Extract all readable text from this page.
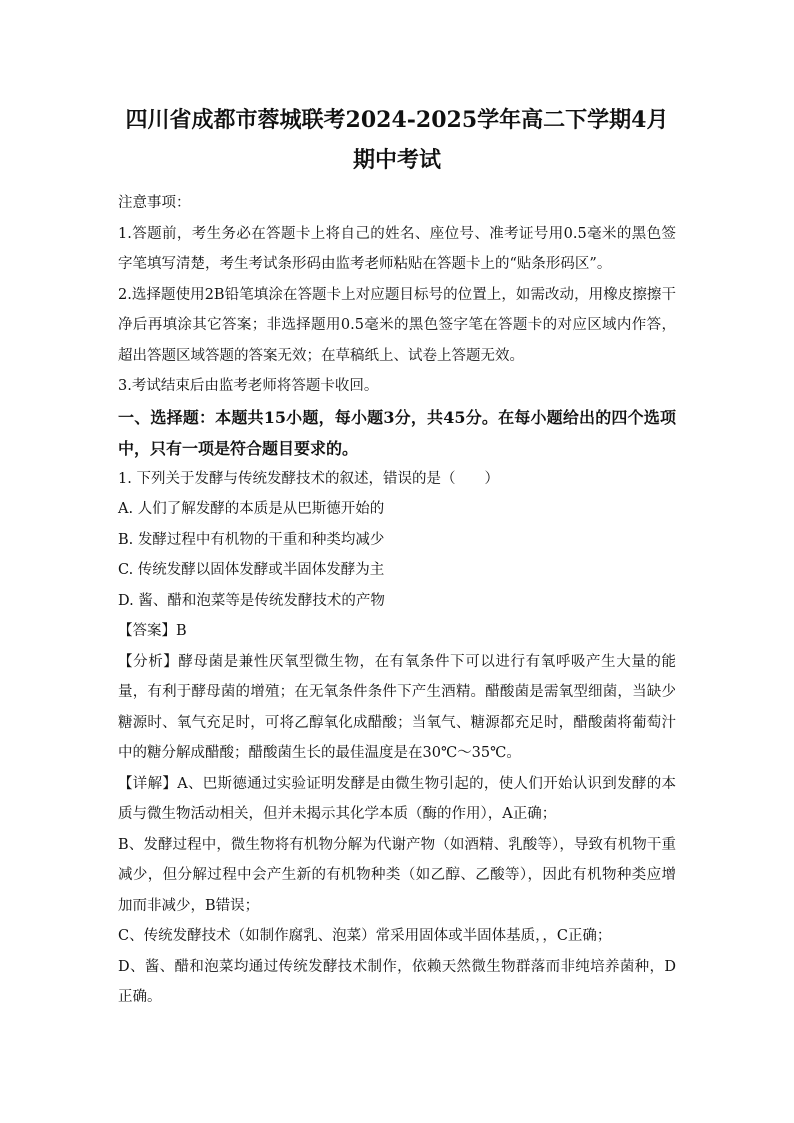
四川省成都市蓉城联考2024-2025学年高二下学期4月期中考试

注意事项：

1.答题前，考生务必在答题卡上将自己的姓名、座位号、准考证号用0.5毫米的黑色签字笔填写清楚，考生考试条形码由监考老师粘贴在答题卡上的“贴条形码区”。

2.选择题使用2B铅笔填涂在答题卡上对应题目标号的位置上，如需改动，用橡皮擦擦干净后再填涂其它答案；非选择题用0.5毫米的黑色签字笔在答题卡的对应区域内作答，超出答题区域答题的答案无效；在草稿纸上、试卷上答题无效。

3.考试结束后由监考老师将答题卡收回。

一、选择题：本题共15小题，每小题3分，共45分。在每小题给出的四个选项中，只有一项是符合题目要求的。

1. 下列关于发酵与传统发酵技术的叙述，错误的是（　　）

A. 人们了解发酵的本质是从巴斯德开始的

B. 发酵过程中有机物的干重和种类均减少

C. 传统发酵以固体发酵或半固体发酵为主

D. 酱、醋和泡菜等是传统发酵技术的产物

【答案】B

【分析】酵母菌是兼性厌氧型微生物，在有氧条件下可以进行有氧呼吸产生大量的能量，有利于酵母菌的增殖；在无氧条件条件下产生酒精。醋酸菌是需氧型细菌，当缺少糖源时、氧气充足时，可将乙醇氧化成醋酸；当氧气、糖源都充足时，醋酸菌将葡萄汁中的糖分解成醋酸；醋酸菌生长的最佳温度是在30℃～35℃。

【详解】A、巴斯德通过实验证明发酵是由微生物引起的，使人们开始认识到发酵的本质与微生物活动相关，但并未揭示其化学本质（酶的作用），A正确；

B、发酵过程中，微生物将有机物分解为代谢产物（如酒精、乳酸等），导致有机物干重减少，但分解过程中会产生新的有机物种类（如乙醇、乙酸等），因此有机物种类应增加而非减少，B错误；

C、传统发酵技术（如制作腐乳、泡菜）常采用固体或半固体基质，，C正确；

D、酱、醋和泡菜均通过传统发酵技术制作，依赖天然微生物群落而非纯培养菌种，D正确。
